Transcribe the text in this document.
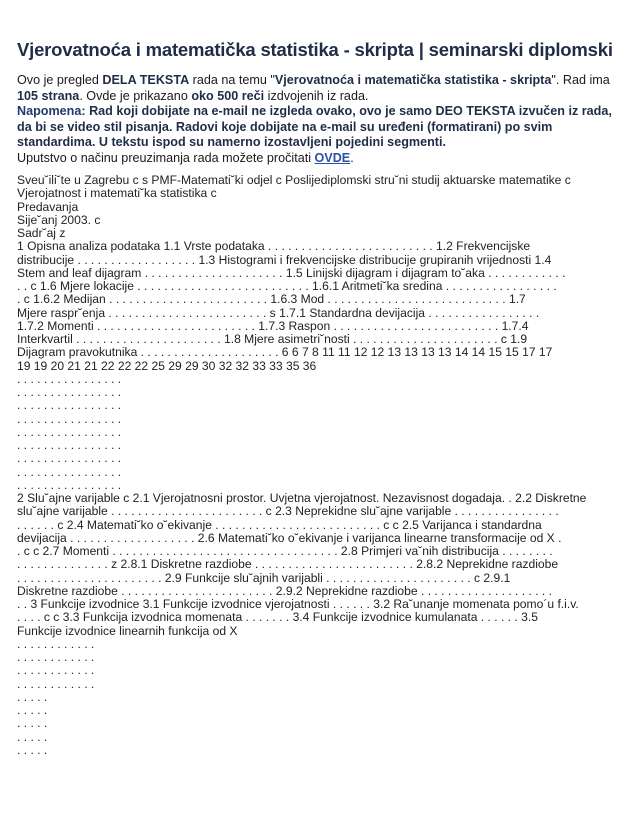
Vjerovatnoća i matematička statistika - skripta | seminarski diplomski

Ovo je pregled DELA TEKSTA rada na temu "Vjerovatnoća i matematička statistika - skripta". Rad ima 105 strana. Ovde je prikazano oko 500 reči izdvojenih iz rada.

Napomena: Rad koji dobijate na e-mail ne izgleda ovako, ovo je samo DEO TEKSTA izvučen iz rada, da bi se video stil pisanja. Radovi koje dobijate na e-mail su uređeni (formatirani) po svim standardima. U tekstu ispod su namerno izostavljeni pojedini segmenti.

Uputstvo o načinu preuzimanja rada možete pročitati OVDE.

Sveu˘ili˘te u Zagrebu c s PMF-Matemati˘ki odjel c Poslijediplomski stru˘ni studij aktuarske matematike c
Vjerojatnost i matemati˘ka statistika c
Predavanja
Sije˘anj 2003. c
Sadr˘aj z
1 Opisna analiza podataka 1.1 Vrste podataka . . . . . . . . . . . . . . . . . . . . . . . . . 1.2 Frekvencijske
distribucije . . . . . . . . . . . . . . . . . . 1.3 Histogrami i frekvencijske distribucije grupiranih vrijednosti 1.4
Stem and leaf dijagram . . . . . . . . . . . . . . . . . . . . . 1.5 Linijski dijagram i dijagram to˘aka . . . . . . . . . . . .
. . c 1.6 Mjere lokacije . . . . . . . . . . . . . . . . . . . . . . . . . . 1.6.1 Aritmeti˘ka sredina . . . . . . . . . . . . . . . . .
. c 1.6.2 Medijan . . . . . . . . . . . . . . . . . . . . . . . . 1.6.3 Mod . . . . . . . . . . . . . . . . . . . . . . . . . . . 1.7
Mjere raspr˘enja . . . . . . . . . . . . . . . . . . . . . . . . s 1.7.1 Standardna devijacija . . . . . . . . . . . . . . . . .
1.7.2 Momenti . . . . . . . . . . . . . . . . . . . . . . . . 1.7.3 Raspon . . . . . . . . . . . . . . . . . . . . . . . . . 1.7.4
Interkvartil . . . . . . . . . . . . . . . . . . . . . . 1.8 Mjere asimetri˘nosti . . . . . . . . . . . . . . . . . . . . . . c 1.9
Dijagram pravokutnika . . . . . . . . . . . . . . . . . . . . . 6 6 7 8 11 11 12 12 13 13 13 13 14 14 15 15 17 17
19 19 20 21 21 22 22 22 25 29 29 30 32 32 33 33 35 36
. . . . . . . . . . . . . . . .
. . . . . . . . . . . . . . . .
. . . . . . . . . . . . . . . .
. . . . . . . . . . . . . . . .
. . . . . . . . . . . . . . . .
. . . . . . . . . . . . . . . .
. . . . . . . . . . . . . . . .
. . . . . . . . . . . . . . . .
. . . . . . . . . . . . . . . .
2 Slu˘ajne varijable c 2.1 Vjerojatnosni prostor. Uvjetna vjerojatnost. Nezavisnost dogadaja. . 2.2 Diskretne
slu˘ajne varijable . . . . . . . . . . . . . . . . . . . . . . . c 2.3 Neprekidne slu˘ajne varijable . . . . . . . . . . . . . . . .
. . . . . . c 2.4 Matemati˘ko o˘ekivanje . . . . . . . . . . . . . . . . . . . . . . . . . c c 2.5 Varijanca i standardna
devijacija . . . . . . . . . . . . . . . . . . . 2.6 Matemati˘ko o˘ekivanje i varijanca linearne transformacije od X .
. c c 2.7 Momenti . . . . . . . . . . . . . . . . . . . . . . . . . . . . . . . . . . 2.8 Primjeri va˘nih distribucija . . . . . . . .
. . . . . . . . . . . . . . z 2.8.1 Diskretne razdiobe . . . . . . . . . . . . . . . . . . . . . . . . 2.8.2 Neprekidne razdiobe
. . . . . . . . . . . . . . . . . . . . . . 2.9 Funkcije slu˘ajnih varijabli . . . . . . . . . . . . . . . . . . . . . . c 2.9.1
Diskretne razdiobe . . . . . . . . . . . . . . . . . . . . . . . 2.9.2 Neprekidne razdiobe . . . . . . . . . . . . . . . . . . . .
. . 3 Funkcije izvodnice 3.1 Funkcije izvodnice vjerojatnosti . . . . . . 3.2 Ra˘unanje momenata pomo´u f.i.v.
. . . . c c 3.3 Funkcija izvodnica momenata . . . . . . . 3.4 Funkcije izvodnice kumulanata . . . . . . 3.5
Funkcije izvodnice linearnih funkcija od X
. . . . . . . . . . . .
. . . . . . . . . . . .
. . . . . . . . . . . .
. . . . . . . . . . . .
. . . . .
. . . . .
. . . . .
. . . . .
. . . . .
